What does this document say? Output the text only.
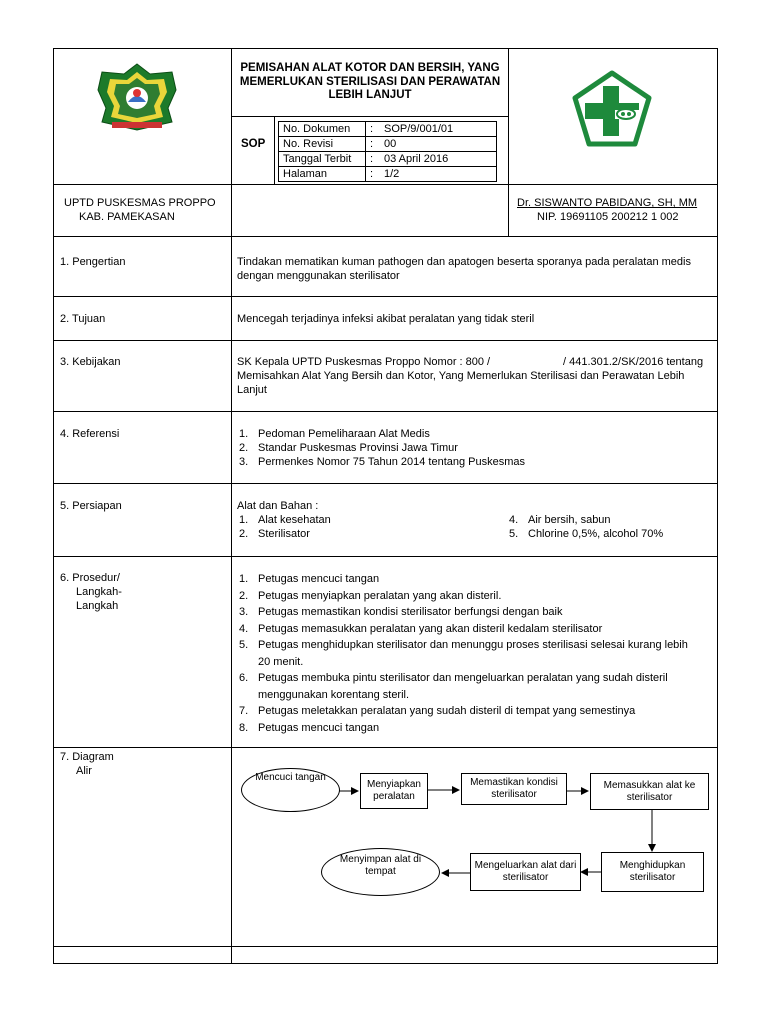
PEMISAHAN ALAT KOTOR DAN BERSIH, YANG MEMERLUKAN STERILISASI DAN PERAWATAN LEBIH LANJUT
SOP
No. Dokumen	:	SOP/9/001/01
No. Revisi	:	00
Tanggal Terbit	:	03 April 2016
Halaman	:	1/2
UPTD PUSKESMAS PROPPO
KAB. PAMEKASAN
Dr. SISWANTO PABIDANG, SH, MM
NIP. 19691105 200212 1 002
1. Pengertian	Tindakan mematikan kuman pathogen dan apatogen beserta sporanya pada peralatan medis
dengan menggunakan sterilisator
2. Tujuan	Mencegah terjadinya infeksi akibat peralatan yang tidak steril
3. Kebijakan	SK Kepala UPTD Puskesmas Proppo Nomor : 800 /	/ 441.301.2/SK/2016 tentang
Memisahkan Alat Yang Bersih dan Kotor, Yang Memerlukan Sterilisasi dan Perawatan Lebih
Lanjut
4. Referensi	1. Pedoman Pemeliharaan Alat Medis
2. Standar Puskesmas Provinsi Jawa Timur
3. Permenkes Nomor 75 Tahun 2014 tentang Puskesmas
5. Persiapan	Alat dan Bahan :
1. Alat kesehatan
2. Sterilisator
4. Air bersih, sabun
5. Chlorine 0,5%, alcohol 70%
6. Prosedur/
Langkah-
Langkah
1. Petugas mencuci tangan
2. Petugas menyiapkan peralatan yang akan disteril.
3. Petugas memastikan kondisi sterilisator berfungsi dengan baik
4. Petugas memasukkan peralatan yang akan disteril kedalam sterilisator
5. Petugas menghidupkan sterilisator dan menunggu proses sterilisasi selesai kurang lebih
20 menit.
6. Petugas membuka pintu sterilisator dan mengeluarkan peralatan yang sudah disteril
menggunakan korentang steril.
7. Petugas meletakkan peralatan yang sudah disteril di tempat yang semestinya
8. Petugas mencuci tangan
7. Diagram
Alir
Mencuci tangan
Menyiapkan peralatan
Memastikan kondisi sterilisator
Memasukkan alat ke sterilisator
Menghidupkan sterilisator
Mengeluarkan alat dari sterilisator
Menyimpan alat di tempat
